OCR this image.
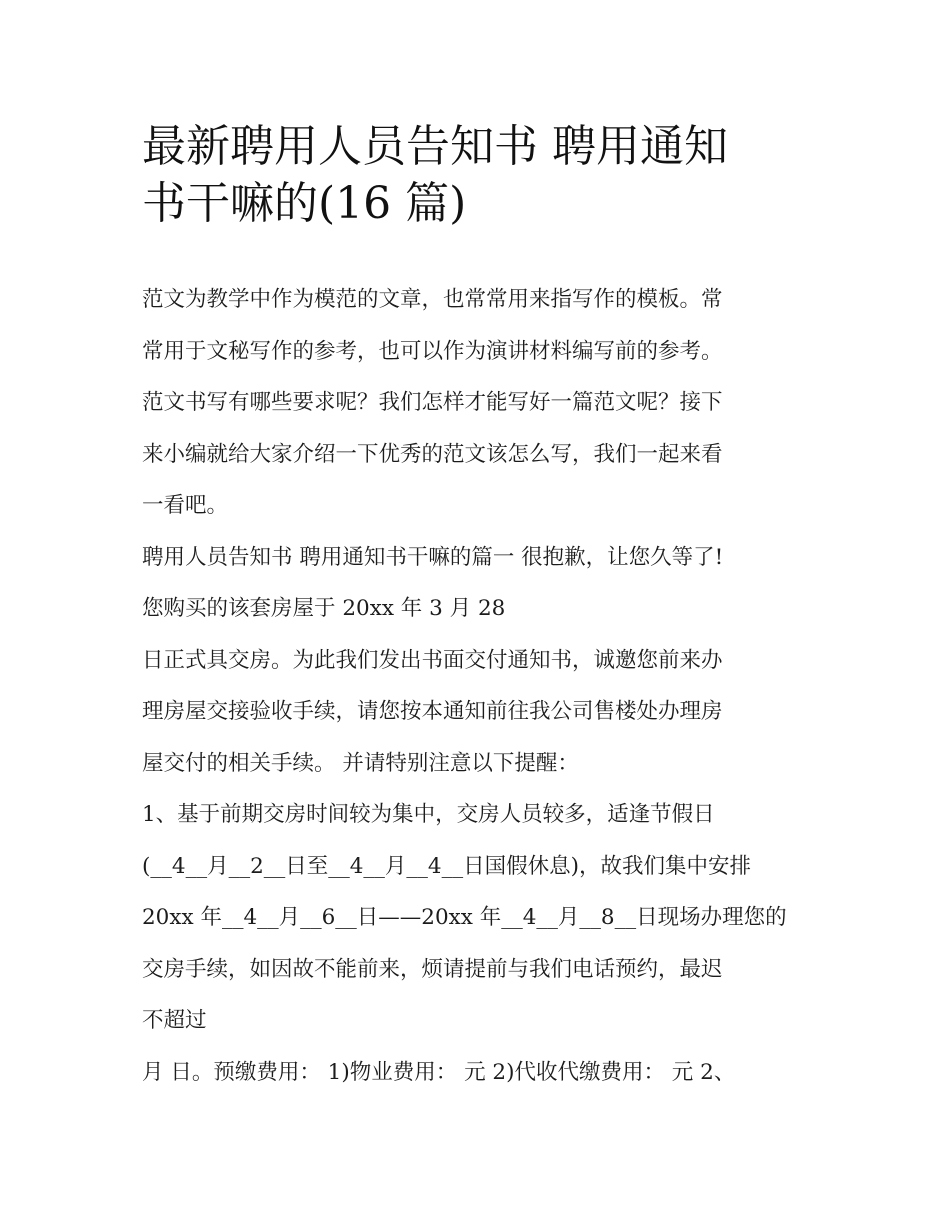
最新聘用人员告知书 聘用通知
书干嘛的(16 篇)
范文为教学中作为模范的文章，也常常用来指写作的模板。常
常用于文秘写作的参考，也可以作为演讲材料编写前的参考。
范文书写有哪些要求呢？我们怎样才能写好一篇范文呢？接下
来小编就给大家介绍一下优秀的范文该怎么写，我们一起来看
一看吧。
聘用人员告知书 聘用通知书干嘛的篇一 很抱歉，让您久等了!
您购买的该套房屋于 20xx 年 3 月 28
日正式具交房。为此我们发出书面交付通知书，诚邀您前来办
理房屋交接验收手续，请您按本通知前往我公司售楼处办理房
屋交付的相关手续。 并请特别注意以下提醒：
1、基于前期交房时间较为集中，交房人员较多，适逢节假日
(__4__月__2__日至__4__月__4__日国假休息)，故我们集中安排
20xx 年__4__月__6__日——20xx 年__4__月__8__日现场办理您的
交房手续，如因故不能前来，烦请提前与我们电话预约，最迟
不超过
月 日。预缴费用： 1)物业费用： 元 2)代收代缴费用： 元 2、
